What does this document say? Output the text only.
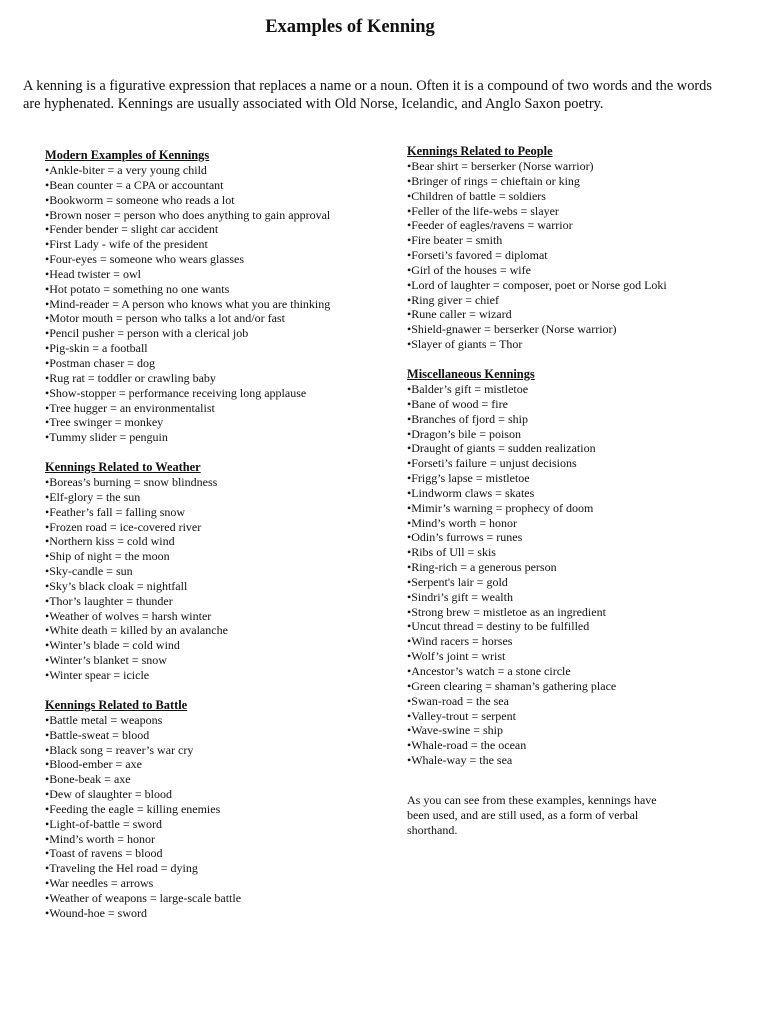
Examples of Kenning

A kenning is a figurative expression that replaces a name or a noun. Often it is a compound of two words and the words are hyphenated. Kennings are usually associated with Old Norse, Icelandic, and Anglo Saxon poetry.

Modern Examples of Kennings
•Ankle-biter = a very young child
•Bean counter = a CPA or accountant
•Bookworm = someone who reads a lot
•Brown noser = person who does anything to gain approval
•Fender bender = slight car accident
•First Lady - wife of the president
•Four-eyes = someone who wears glasses
•Head twister = owl
•Hot potato = something no one wants
•Mind-reader = A person who knows what you are thinking
•Motor mouth = person who talks a lot and/or fast
•Pencil pusher = person with a clerical job
•Pig-skin = a football
•Postman chaser = dog
•Rug rat = toddler or crawling baby
•Show-stopper = performance receiving long applause
•Tree hugger = an environmentalist
•Tree swinger = monkey
•Tummy slider = penguin
Kennings Related to Weather
•Boreas’s burning = snow blindness
•Elf-glory = the sun
•Feather’s fall = falling snow
•Frozen road = ice-covered river
•Northern kiss = cold wind
•Ship of night = the moon
•Sky-candle = sun
•Sky’s black cloak = nightfall
•Thor’s laughter = thunder
•Weather of wolves = harsh winter
•White death = killed by an avalanche
•Winter’s blade = cold wind
•Winter’s blanket = snow
•Winter spear = icicle
Kennings Related to Battle
•Battle metal = weapons
•Battle-sweat = blood
•Black song = reaver’s war cry
•Blood-ember = axe
•Bone-beak = axe
•Dew of slaughter = blood
•Feeding the eagle = killing enemies
•Light-of-battle = sword
•Mind’s worth = honor
•Toast of ravens = blood
•Traveling the Hel road = dying
•War needles = arrows
•Weather of weapons = large-scale battle
•Wound-hoe = sword
Kennings Related to People
•Bear shirt = berserker (Norse warrior)
•Bringer of rings = chieftain or king
•Children of battle = soldiers
•Feller of the life-webs = slayer
•Feeder of eagles/ravens = warrior
•Fire beater = smith
•Forseti’s favored = diplomat
•Girl of the houses = wife
•Lord of laughter = composer, poet or Norse god Loki
•Ring giver = chief
•Rune caller = wizard
•Shield-gnawer = berserker (Norse warrior)
•Slayer of giants = Thor
Miscellaneous Kennings
•Balder’s gift = mistletoe
•Bane of wood = fire
•Branches of fjord = ship
•Dragon’s bile = poison
•Draught of giants = sudden realization
•Forseti’s failure = unjust decisions
•Frigg’s lapse = mistletoe
•Lindworm claws = skates
•Mimir’s warning = prophecy of doom
•Mind’s worth = honor
•Odin’s furrows = runes
•Ribs of Ull = skis
•Ring-rich = a generous person
•Serpent's lair = gold
•Sindri’s gift = wealth
•Strong brew = mistletoe as an ingredient
•Uncut thread = destiny to be fulfilled
•Wind racers = horses
•Wolf’s joint = wrist
•Ancestor’s watch = a stone circle
•Green clearing = shaman’s gathering place
•Swan-road = the sea
•Valley-trout = serpent
•Wave-swine = ship
•Whale-road = the ocean
•Whale-way = the sea

As you can see from these examples, kennings have been used, and are still used, as a form of verbal shorthand.
